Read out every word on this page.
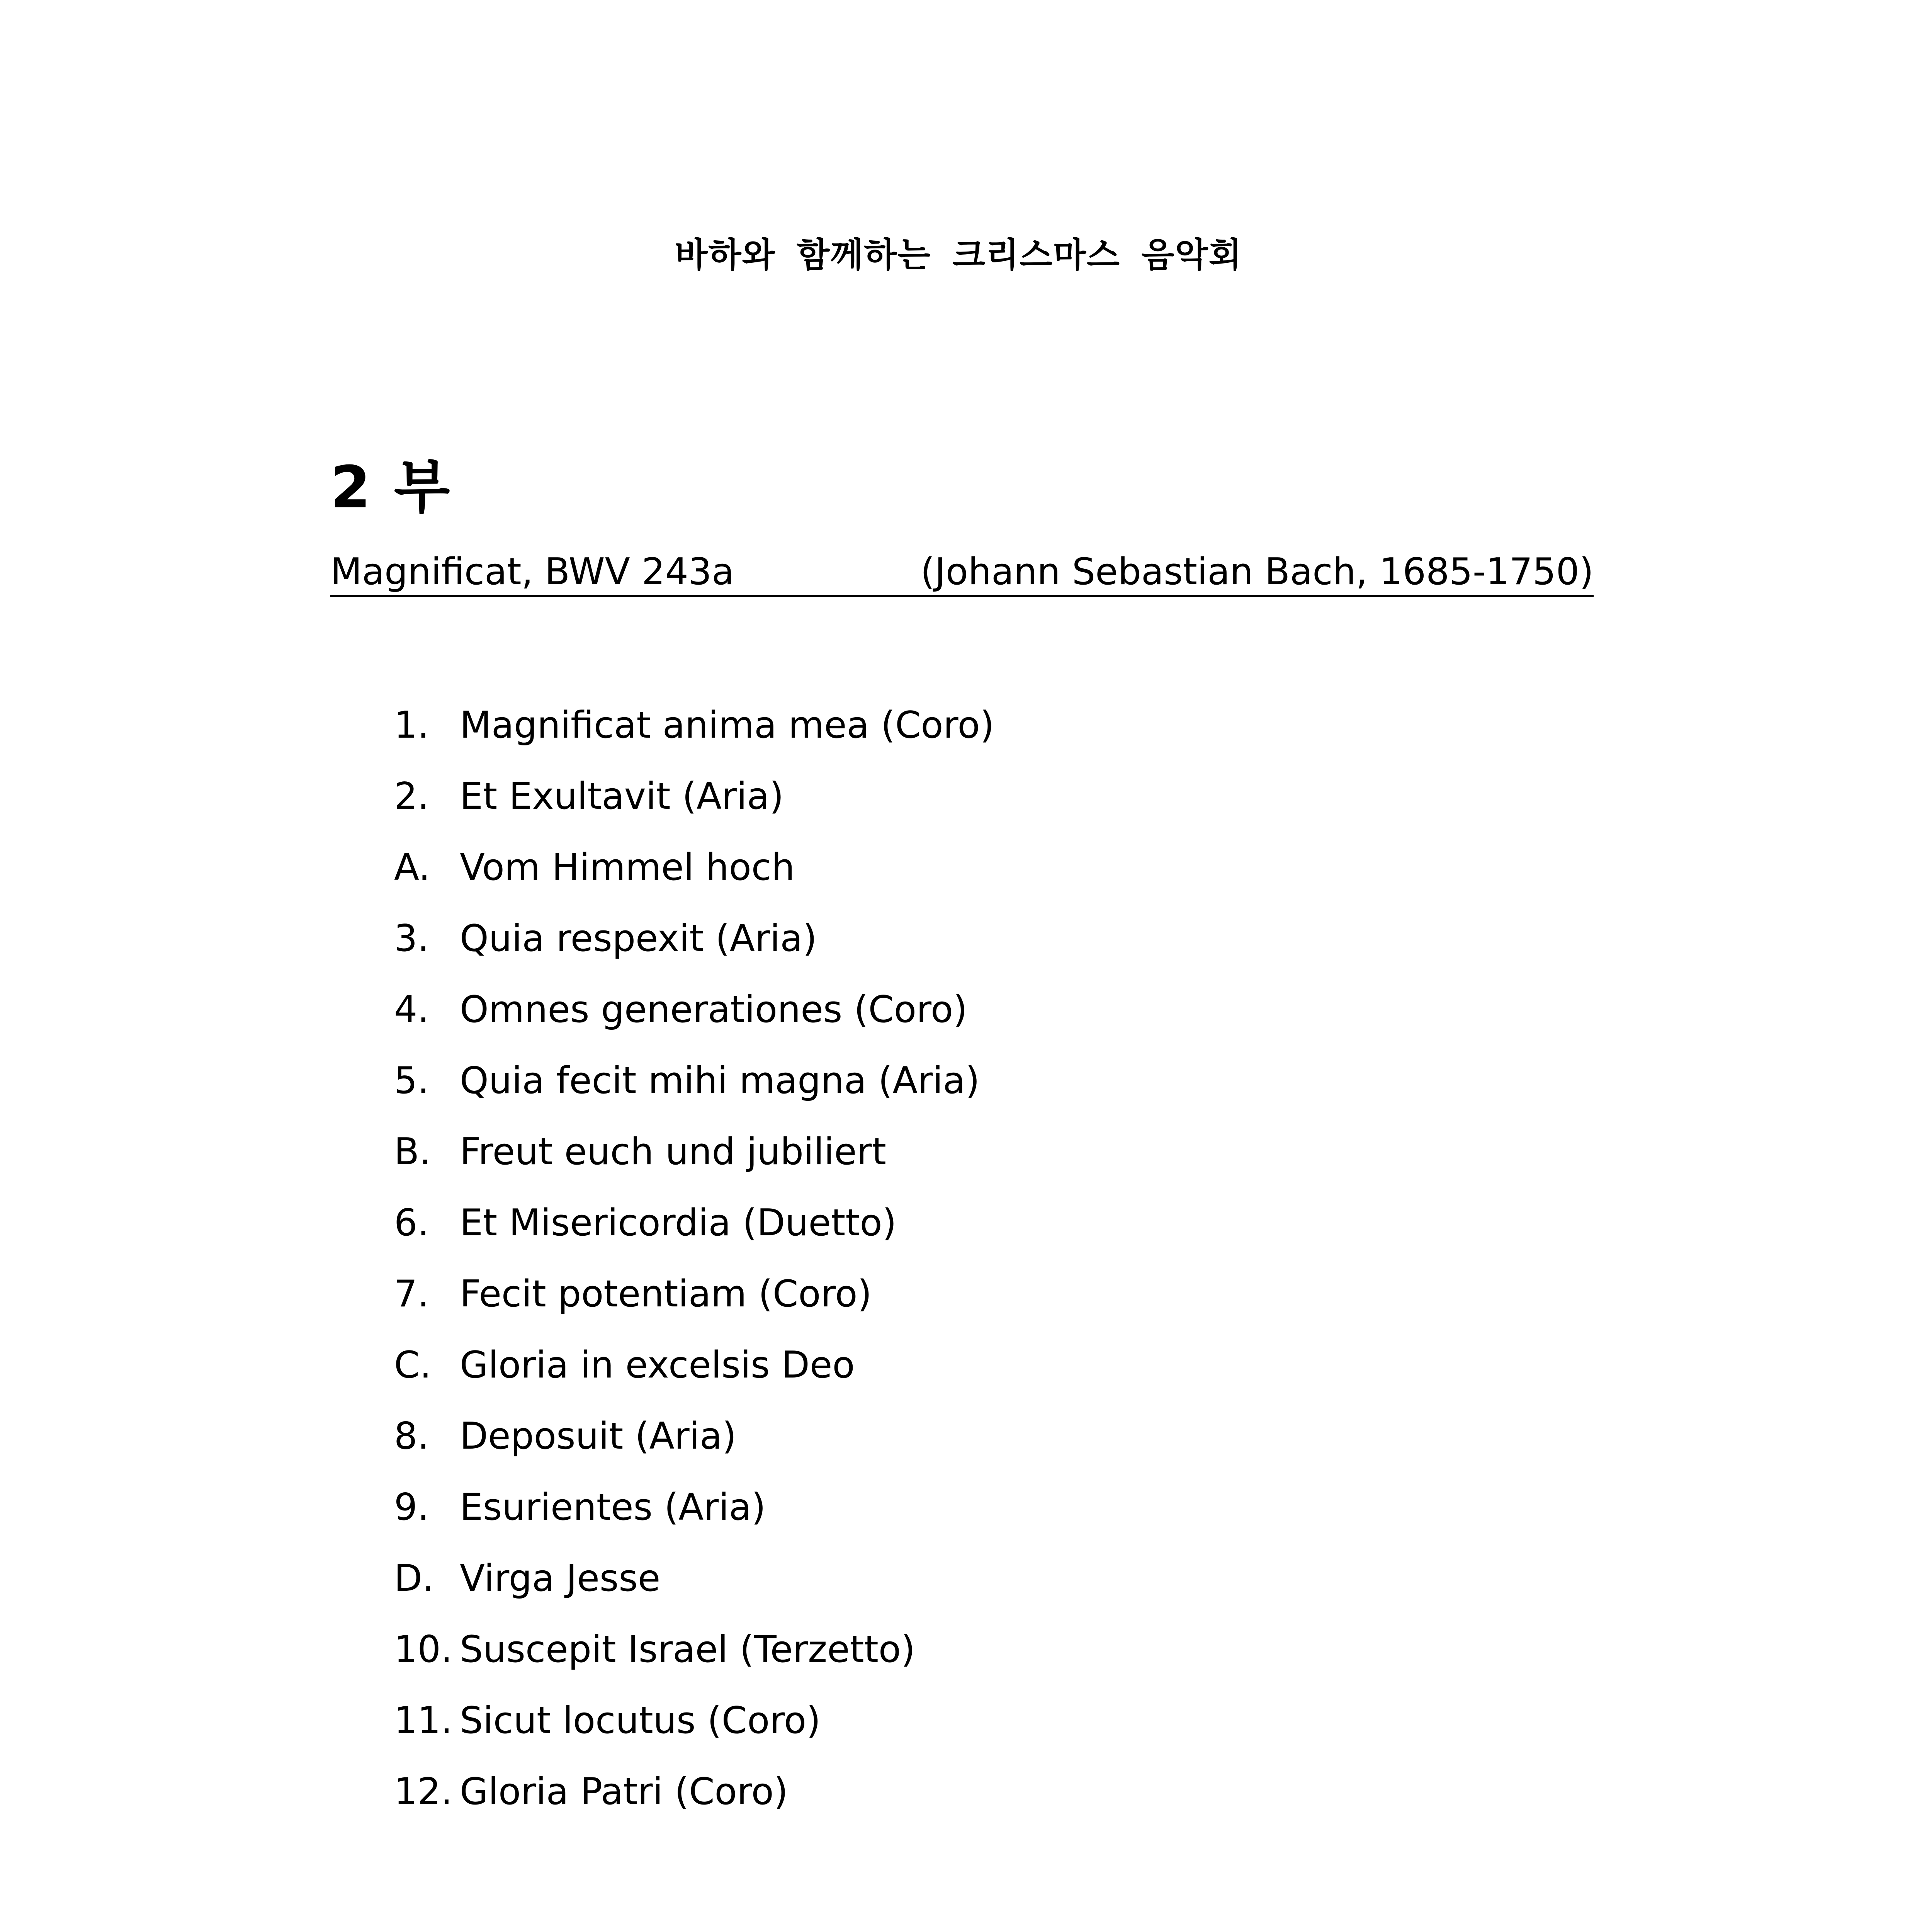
바하와 함께하는 크리스마스 음악회
2 부
Magnificat, BWV 243a	(Johann Sebastian Bach, 1685-1750)
1. Magnificat anima mea (Coro)
2. Et Exultavit (Aria)
A. Vom Himmel hoch
3. Quia respexit (Aria)
4. Omnes generationes (Coro)
5. Quia fecit mihi magna (Aria)
B. Freut euch und jubiliert
6. Et Misericordia (Duetto)
7. Fecit potentiam (Coro)
C. Gloria in excelsis Deo
8. Deposuit (Aria)
9. Esurientes (Aria)
D. Virga Jesse
10. Suscepit Israel (Terzetto)
11. Sicut locutus (Coro)
12. Gloria Patri (Coro)
